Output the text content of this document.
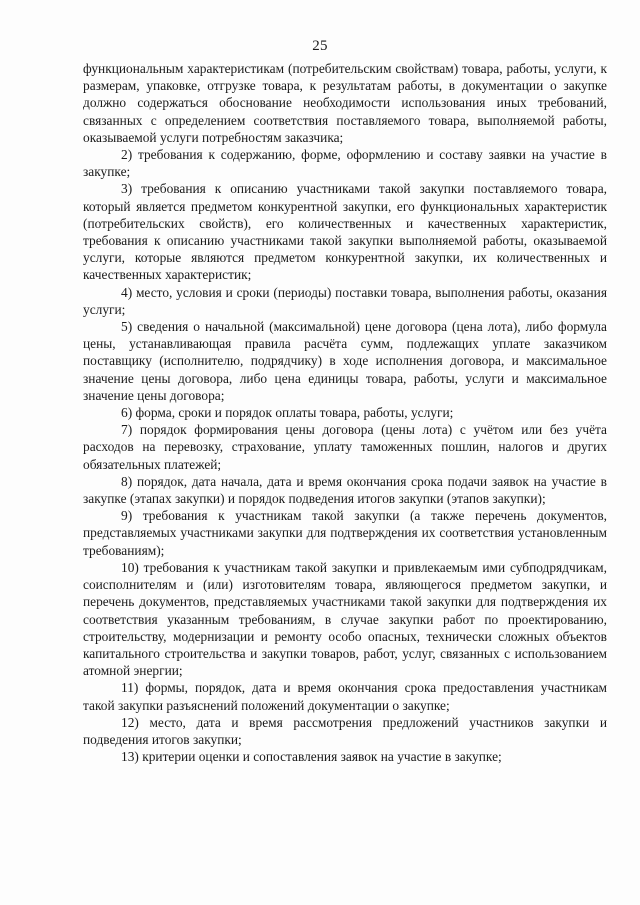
25

функциональным характеристикам (потребительским свойствам) товара, работы, услуги, к размерам, упаковке, отгрузке товара, к результатам работы, в документации о закупке должно содержаться обоснование необходимости использования иных требований, связанных с определением соответствия поставляемого товара, выполняемой работы, оказываемой услуги потребностям заказчика;

2) требования к содержанию, форме, оформлению и составу заявки на участие в закупке;

3) требования к описанию участниками такой закупки поставляемого товара, который является предметом конкурентной закупки, его функциональных характеристик (потребительских свойств), его количественных и качественных характеристик, требования к описанию участниками такой закупки выполняемой работы, оказываемой услуги, которые являются предметом конкурентной закупки, их количественных и качественных характеристик;

4) место, условия и сроки (периоды) поставки товара, выполнения работы, оказания услуги;

5) сведения о начальной (максимальной) цене договора (цена лота), либо формула цены, устанавливающая правила расчёта сумм, подлежащих уплате заказчиком поставщику (исполнителю, подрядчику) в ходе исполнения договора, и максимальное значение цены договора, либо цена единицы товара, работы, услуги и максимальное значение цены договора;

6) форма, сроки и порядок оплаты товара, работы, услуги;

7) порядок формирования цены договора (цены лота) с учётом или без учёта расходов на перевозку, страхование, уплату таможенных пошлин, налогов и других обязательных платежей;

8) порядок, дата начала, дата и время окончания срока подачи заявок на участие в закупке (этапах закупки) и порядок подведения итогов закупки (этапов закупки);

9) требования к участникам такой закупки (а также перечень документов, представляемых участниками закупки для подтверждения их соответствия установленным требованиям);

10) требования к участникам такой закупки и привлекаемым ими субподрядчикам, соисполнителям и (или) изготовителям товара, являющегося предметом закупки, и перечень документов, представляемых участниками такой закупки для подтверждения их соответствия указанным требованиям, в случае закупки работ по проектированию, строительству, модернизации и ремонту особо опасных, технически сложных объектов капитального строительства и закупки товаров, работ, услуг, связанных с использованием атомной энергии;

11) формы, порядок, дата и время окончания срока предоставления участникам такой закупки разъяснений положений документации о закупке;

12) место, дата и время рассмотрения предложений участников закупки и подведения итогов закупки;

13) критерии оценки и сопоставления заявок на участие в закупке;
